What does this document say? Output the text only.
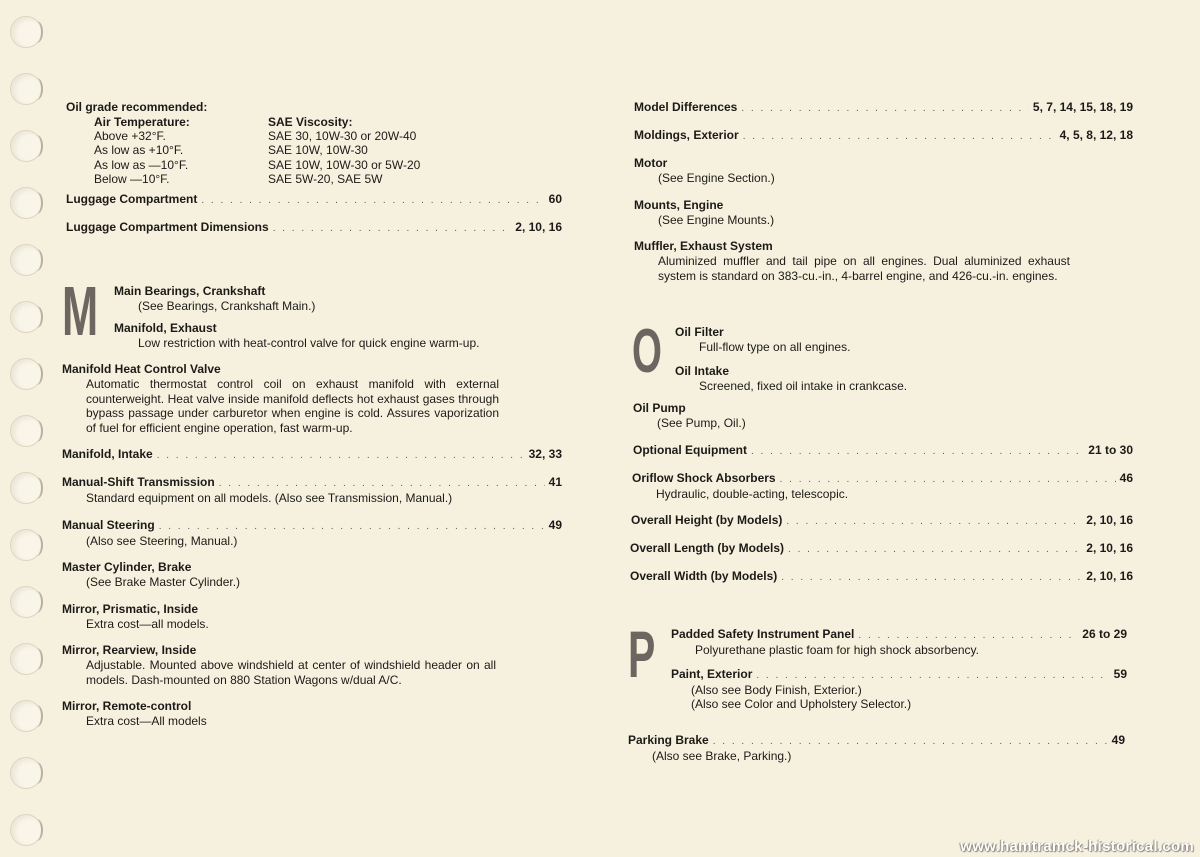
Oil grade recommended:
Air Temperature:	SAE Viscosity:
Above +32°F.	SAE 30, 10W-30 or 20W-40
As low as +10°F.	SAE 10W, 10W-30
As low as —10°F.	SAE 10W, 10W-30 or 5W-20
Below —10°F.	SAE 5W-20, SAE 5W
Luggage Compartment . . .	60
Luggage Compartment Dimensions . . .	2, 10, 16
M Main Bearings, Crankshaft
(See Bearings, Crankshaft Main.)
Manifold, Exhaust
Low restriction with heat-control valve for quick engine warm-up.
Manifold Heat Control Valve
Automatic thermostat control coil on exhaust manifold with external counterweight. Heat valve inside manifold deflects hot exhaust gases through bypass passage under carburetor when engine is cold. Assures vaporization of fuel for efficient engine operation, fast warm-up.
Manifold, Intake . . .	32, 33
Manual-Shift Transmission . . .	41
Standard equipment on all models. (Also see Transmission, Manual.)
Manual Steering . . .	49
(Also see Steering, Manual.)
Master Cylinder, Brake
(See Brake Master Cylinder.)
Mirror, Prismatic, Inside
Extra cost—all models.
Mirror, Rearview, Inside
Adjustable. Mounted above windshield at center of windshield header on all models. Dash-mounted on 880 Station Wagons w/dual A/C.
Mirror, Remote-control
Extra cost—All models
Model Differences . . .	5, 7, 14, 15, 18, 19
Moldings, Exterior . . .	4, 5, 8, 12, 18
Motor
(See Engine Section.)
Mounts, Engine
(See Engine Mounts.)
Muffler, Exhaust System
Aluminized muffler and tail pipe on all engines. Dual aluminized exhaust system is standard on 383-cu.-in., 4-barrel engine, and 426-cu.-in. engines.
O Oil Filter
Full-flow type on all engines.
Oil Intake
Screened, fixed oil intake in crankcase.
Oil Pump
(See Pump, Oil.)
Optional Equipment . . .	21 to 30
Oriflow Shock Absorbers . . .	46
Hydraulic, double-acting, telescopic.
Overall Height (by Models) . . .	2, 10, 16
Overall Length (by Models) . . .	2, 10, 16
Overall Width (by Models) . . .	2, 10, 16
P Padded Safety Instrument Panel . . .	26 to 29
Polyurethane plastic foam for high shock absorbency.
Paint, Exterior . . .	59
(Also see Body Finish, Exterior.)
(Also see Color and Upholstery Selector.)
Parking Brake . . .	49
(Also see Brake, Parking.)
www.hamtramck-historical.com
